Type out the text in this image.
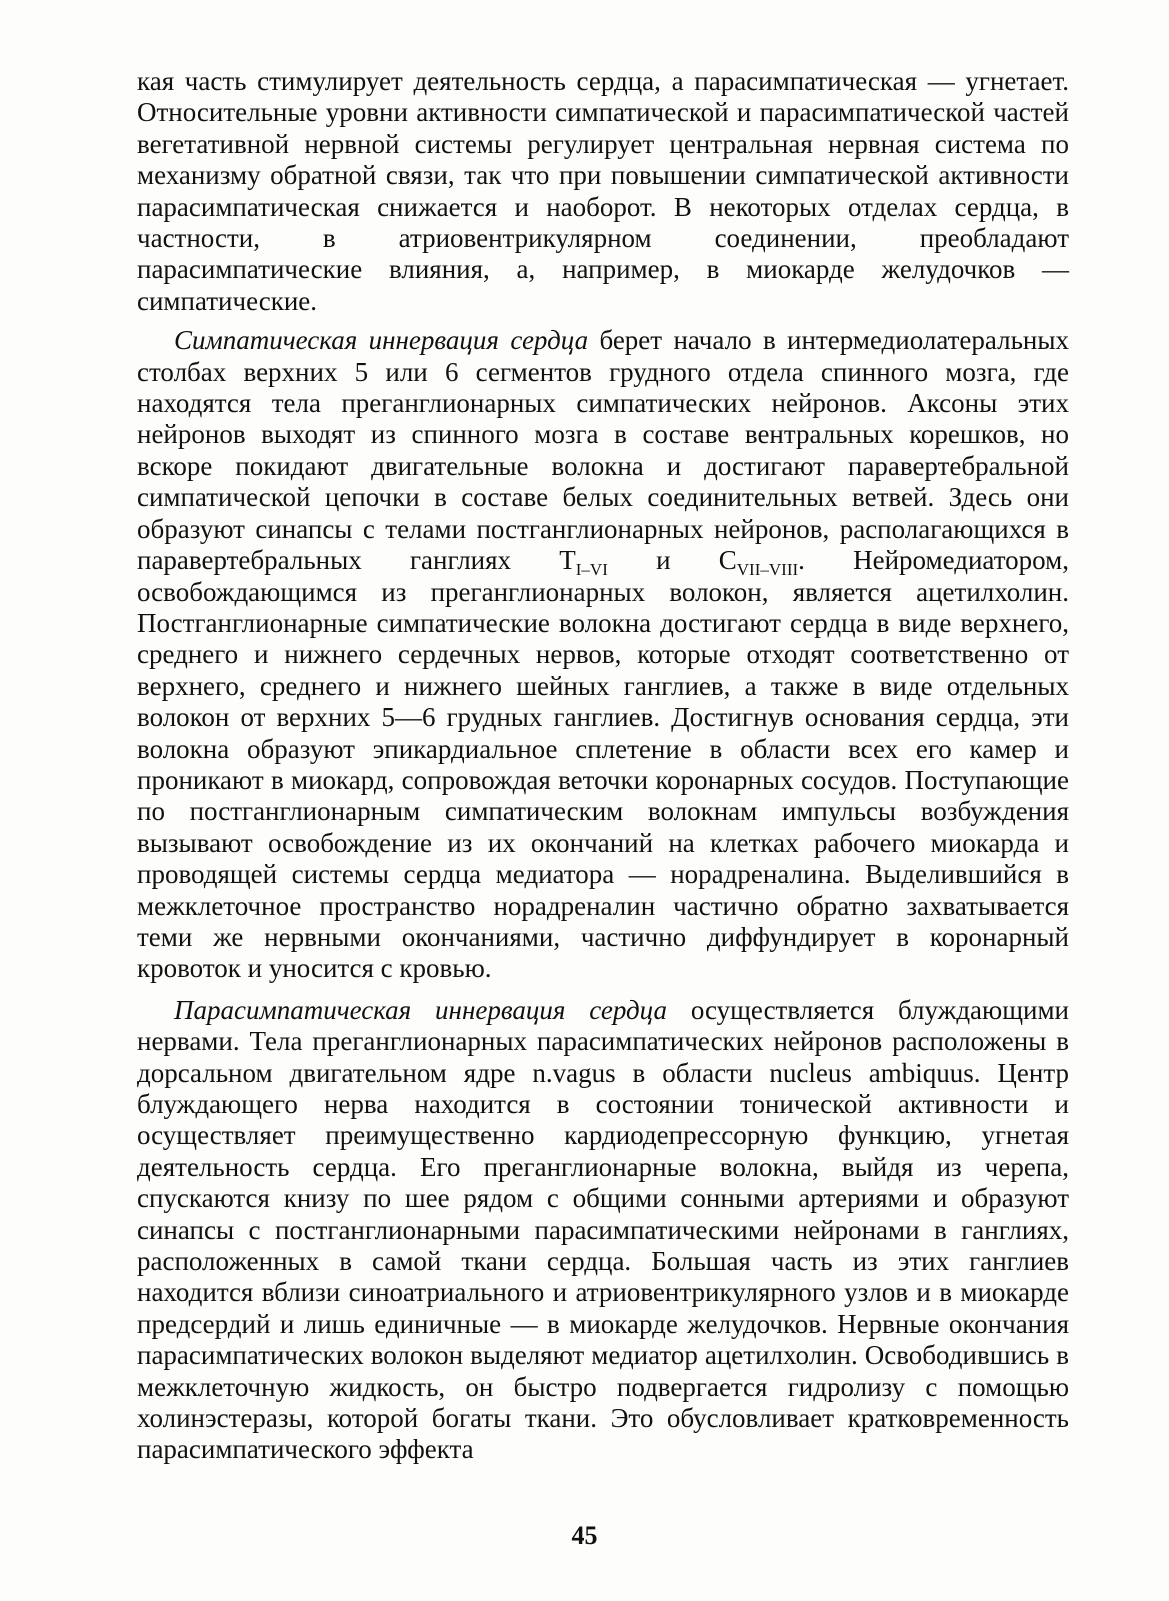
кая часть стимулирует деятельность сердца, а парасимпатическая — угнетает. Относительные уровни активности симпатической и парасимпатической частей вегетативной нервной системы регулирует центральная нервная система по механизму обратной связи, так что при повышении симпатической активности парасимпатическая снижается и наоборот. В некоторых отделах сердца, в частности, в атриовентрикулярном соединении, преобладают парасимпатические влияния, а, например, в миокарде желудочков — симпатические.

Симпатическая иннервация сердца берет начало в интермедиолатеральных столбах верхних 5 или 6 сегментов грудного отдела спинного мозга, где находятся тела преганглионарных симпатических нейронов. Аксоны этих нейронов выходят из спинного мозга в составе вентральных корешков, но вскоре покидают двигательные волокна и достигают паравертебральной симпатической цепочки в составе белых соединительных ветвей. Здесь они образуют синапсы с телами постганглионарных нейронов, располагающихся в паравертебральных ганглиях $T_{I-VI}$ и $C_{VII-VIII}$. Нейромедиатором, освобождающимся из преганглионарных волокон, является ацетилхолин. Постганглионарные симпатические волокна достигают сердца в виде верхнего, среднего и нижнего сердечных нервов, которые отходят соответственно от верхнего, среднего и нижнего шейных ганглиев, а также в виде отдельных волокон от верхних 5—6 грудных ганглиев. Достигнув основания сердца, эти волокна образуют эпикардиальное сплетение в области всех его камер и проникают в миокард, сопровождая веточки коронарных сосудов. Поступающие по постганглионарным симпатическим волокнам импульсы возбуждения вызывают освобождение из их окончаний на клетках рабочего миокарда и проводящей системы сердца медиатора — норадреналина. Выделившийся в межклеточное пространство норадреналин частично обратно захватывается теми же нервными окончаниями, частично диффундирует в коронарный кровоток и уносится с кровью.

Парасимпатическая иннервация сердца осуществляется блуждающими нервами. Тела преганглионарных парасимпатических нейронов расположены в дорсальном двигательном ядре n.vagus в области nucleus ambiquus. Центр блуждающего нерва находится в состоянии тонической активности и осуществляет преимущественно кардиодепрессорную функцию, угнетая деятельность сердца. Его преганглионарные волокна, выйдя из черепа, спускаются книзу по шее рядом с общими сонными артериями и образуют синапсы с постганглионарными парасимпатическими нейронами в ганглиях, расположенных в самой ткани сердца. Большая часть из этих ганглиев находится вблизи синоатриального и атриовентрикулярного узлов и в миокарде предсердий и лишь единичные — в миокарде желудочков. Нервные окончания парасимпатических волокон выделяют медиатор ацетилхолин. Освободившись в межклеточную жидкость, он быстро подвергается гидролизу с помощью холинэстеразы, которой богаты ткани. Это обусловливает кратковременность парасимпатического эффекта

45
